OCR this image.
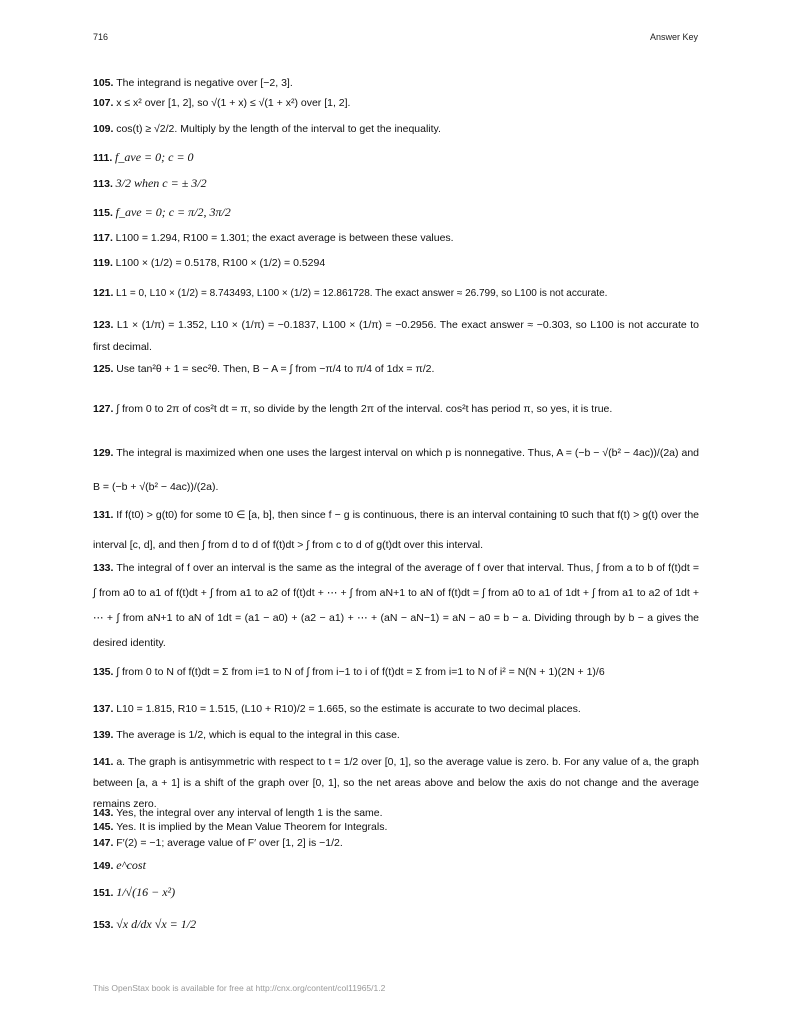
716	Answer Key
105. The integrand is negative over [−2, 3].
107. x ≤ x² over [1, 2], so √(1 + x) ≤ √(1 + x²) over [1, 2].
109. cos(t) ≥ √2/2. Multiply by the length of the interval to get the inequality.
111. f_ave = 0; c = 0
113. 3/2 when c = ± 3/2
115. f_ave = 0; c = π/2, 3π/2
117. L100 = 1.294, R100 = 1.301; the exact average is between these values.
119. L100 × (1/2) = 0.5178, R100 × (1/2) = 0.5294
121. L1 = 0, L10 × (1/2) = 8.743493, L100 × (1/2) = 12.861728. The exact answer ≈ 26.799, so L100 is not accurate.
123. L1 × (1/π) = 1.352, L10 × (1/π) = −0.1837, L100 × (1/π) = −0.2956. The exact answer ≈ −0.303, so L100 is not accurate to first decimal.
125. Use tan²θ + 1 = sec²θ. Then, B − A = ∫ from −π/4 to π/4 of 1dx = π/2.
127. ∫ from 0 to 2π of cos²t dt = π, so divide by the length 2π of the interval. cos²t has period π, so yes, it is true.
129. The integral is maximized when one uses the largest interval on which p is nonnegative. Thus, A = (−b − √(b² − 4ac))/(2a) and B = (−b + √(b² − 4ac))/(2a).
131. If f(t0) > g(t0) for some t0 ∈ [a, b], then since f − g is continuous, there is an interval containing t0 such that f(t) > g(t) over the interval [c, d], and then ∫ from d to d of f(t)dt > ∫ from c to d of g(t)dt over this interval.
133. The integral of f over an interval is the same as the integral of the average of f over that interval. Thus, ∫ from a to b of f(t)dt = ∫ from a0 to a1 of f(t)dt + ∫ from a1 to a2 of f(t)dt + ⋯ + ∫ from aN+1 to aN of f(t)dt = ∫ from a0 to a1 of 1dt + ∫ from a1 to a2 of 1dt + ⋯ + ∫ from aN+1 to aN of 1dt = (a1 − a0) + (a2 − a1) + ⋯ + (aN − aN−1) = aN − a0 = b − a. Dividing through by b − a gives the desired identity.
135. ∫ from 0 to N of f(t)dt = Σ from i=1 to N of ∫ from i−1 to i of f(t)dt = Σ from i=1 to N of i² = N(N + 1)(2N + 1)/6
137. L10 = 1.815, R10 = 1.515, (L10 + R10)/2 = 1.665, so the estimate is accurate to two decimal places.
139. The average is 1/2, which is equal to the integral in this case.
141. a. The graph is antisymmetric with respect to t = 1/2 over [0, 1], so the average value is zero. b. For any value of a, the graph between [a, a + 1] is a shift of the graph over [0, 1], so the net areas above and below the axis do not change and the average remains zero.
143. Yes, the integral over any interval of length 1 is the same.
145. Yes. It is implied by the Mean Value Theorem for Integrals.
147. F′(2) = −1; average value of F′ over [1, 2] is −1/2.
149. e^cost
151. 1/√(16 − x²)
153. √x d/dx √x = 1/2
This OpenStax book is available for free at http://cnx.org/content/col11965/1.2
